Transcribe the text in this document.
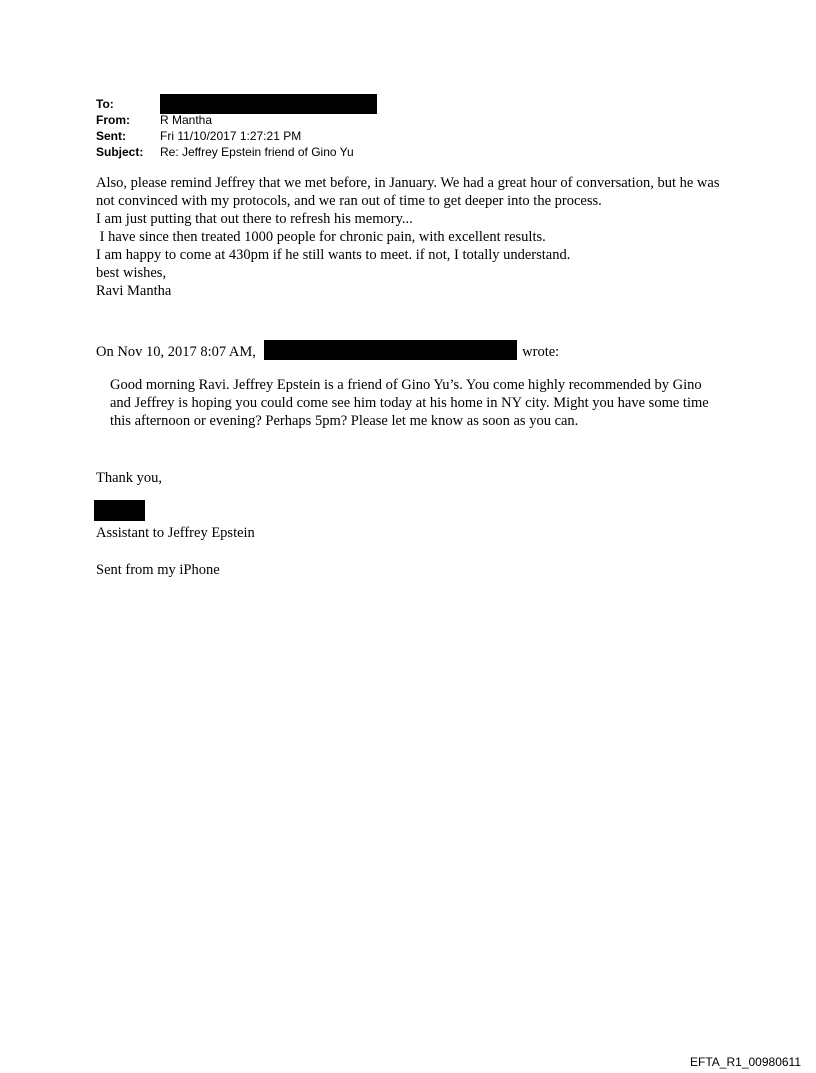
To:
From:	R Mantha
Sent:	Fri 11/10/2017 1:27:21 PM
Subject:	Re: Jeffrey Epstein friend of Gino Yu

Also, please remind Jeffrey that we met before, in January. We had a great hour of conversation, but he was not convinced with my protocols, and we ran out of time to get deeper into the process.

I am just putting that out there to refresh his memory...

I have since then treated 1000 people for chronic pain, with excellent results.

I am happy to come at 430pm if he still wants to meet. if not, I totally understand.

best wishes,

Ravi Mantha

On Nov 10, 2017 8:07 AM,	wrote:
Good morning Ravi. Jeffrey Epstein is a friend of Gino Yu’s. You come highly recommended by Gino and Jeffrey is hoping you could come see him today at his home in NY city. Might you have some time this afternoon or evening? Perhaps 5pm? Please let me know as soon as you can.
Thank you,
Assistant to Jeffrey Epstein
Sent from my iPhone
EFTA_R1_00980611
